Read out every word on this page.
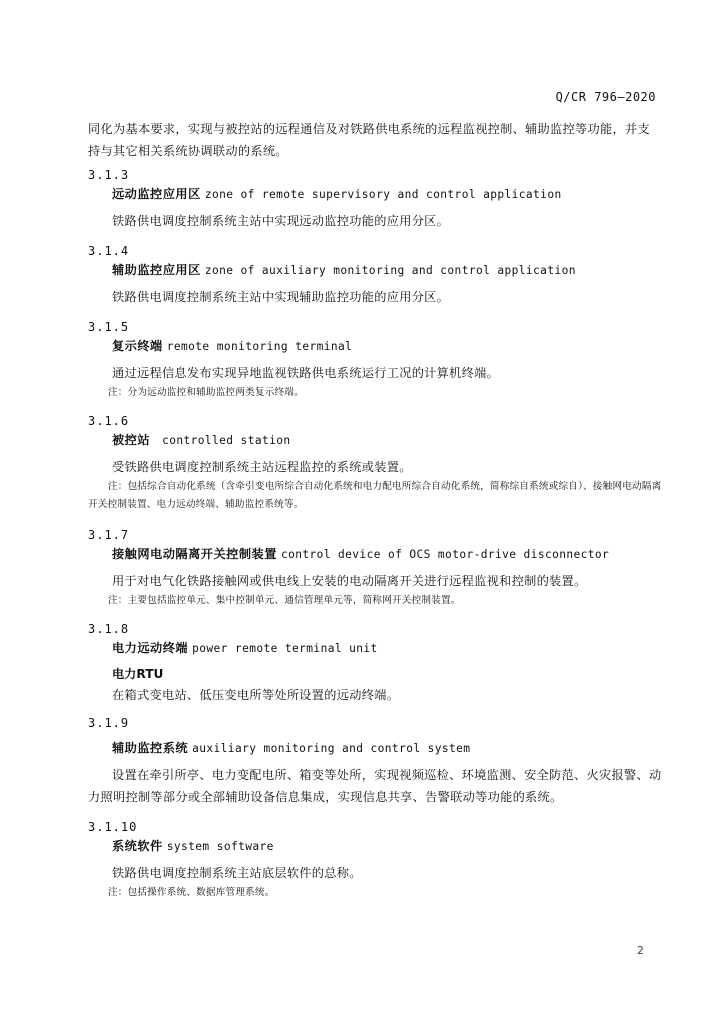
Q/CR 796—2020
同化为基本要求，实现与被控站的远程通信及对铁路供电系统的远程监视控制、辅助监控等功能，并支持与其它相关系统协调联动的系统。
3.1.3
远动监控应用区 zone of remote supervisory and control application
铁路供电调度控制系统主站中实现远动监控功能的应用分区。
3.1.4
辅助监控应用区 zone of auxiliary monitoring and control application
铁路供电调度控制系统主站中实现辅助监控功能的应用分区。
3.1.5
复示终端 remote monitoring terminal
通过远程信息发布实现异地监视铁路供电系统运行工况的计算机终端。
注：分为远动监控和辅助监控两类复示终端。
3.1.6
被控站 controlled station
受铁路供电调度控制系统主站远程监控的系统或装置。
注：包括综合自动化系统（含牵引变电所综合自动化系统和电力配电所综合自动化系统，简称综自系统或综自）、接触网电动隔离开关控制装置、电力远动终端、辅助监控系统等。
3.1.7
接触网电动隔离开关控制装置 control device of OCS motor-drive disconnector
用于对电气化铁路接触网或供电线上安装的电动隔离开关进行远程监视和控制的装置。
注：主要包括监控单元、集中控制单元、通信管理单元等，简称网开关控制装置。
3.1.8
电力远动终端 power remote terminal unit
电力RTU
在箱式变电站、低压变电所等处所设置的远动终端。
3.1.9
辅助监控系统 auxiliary monitoring and control system
设置在牵引所亭、电力变配电所、箱变等处所，实现视频巡检、环境监测、安全防范、火灾报警、动力照明控制等部分或全部辅助设备信息集成，实现信息共享、告警联动等功能的系统。
3.1.10
系统软件 system software
铁路供电调度控制系统主站底层软件的总称。
注：包括操作系统、数据库管理系统。
2
